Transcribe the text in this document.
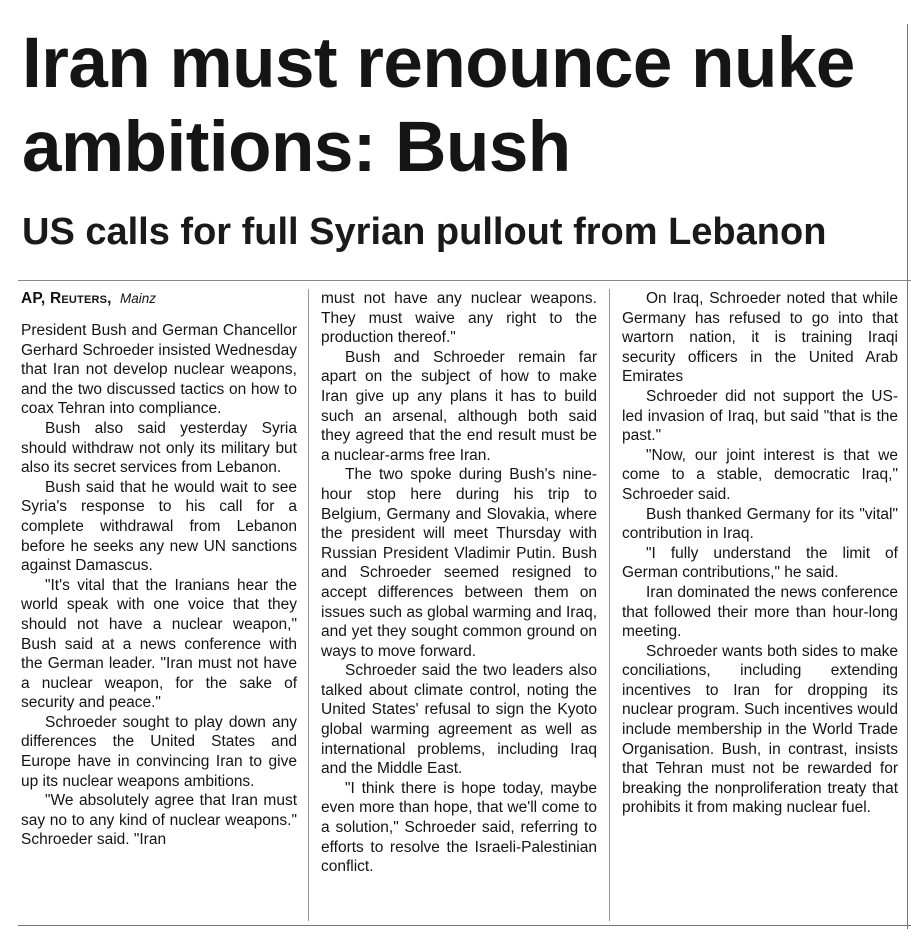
Iran must renounce nuke ambitions: Bush
US calls for full Syrian pullout from Lebanon
AP, Reuters, Mainz

President Bush and German Chancellor Gerhard Schroeder insisted Wednesday that Iran not develop nuclear weapons, and the two discussed tactics on how to coax Tehran into compliance.

Bush also said yesterday Syria should withdraw not only its military but also its secret services from Lebanon.

Bush said that he would wait to see Syria's response to his call for a complete withdrawal from Lebanon before he seeks any new UN sanctions against Damascus.

"It's vital that the Iranians hear the world speak with one voice that they should not have a nuclear weapon," Bush said at a news conference with the German leader. "Iran must not have a nuclear weapon, for the sake of security and peace."

Schroeder sought to play down any differences the United States and Europe have in convincing Iran to give up its nuclear weapons ambitions.

"We absolutely agree that Iran must say no to any kind of nuclear weapons." Schroeder said. "Iran

must not have any nuclear weapons. They must waive any right to the production thereof."

Bush and Schroeder remain far apart on the subject of how to make Iran give up any plans it has to build such an arsenal, although both said they agreed that the end result must be a nuclear-arms free Iran.

The two spoke during Bush's nine-hour stop here during his trip to Belgium, Germany and Slovakia, where the president will meet Thursday with Russian President Vladimir Putin. Bush and Schroeder seemed resigned to accept differences between them on issues such as global warming and Iraq, and yet they sought common ground on ways to move forward.

Schroeder said the two leaders also talked about climate control, noting the United States' refusal to sign the Kyoto global warming agreement as well as international problems, including Iraq and the Middle East.

"I think there is hope today, maybe even more than hope, that we'll come to a solution," Schroeder said, referring to efforts to resolve the Israeli-Palestinian conflict.

On Iraq, Schroeder noted that while Germany has refused to go into that wartorn nation, it is training Iraqi security officers in the United Arab Emirates

Schroeder did not support the US-led invasion of Iraq, but said "that is the past."

"Now, our joint interest is that we come to a stable, democratic Iraq," Schroeder said.

Bush thanked Germany for its "vital" contribution in Iraq.

"I fully understand the limit of German contributions," he said.

Iran dominated the news conference that followed their more than hour-long meeting.

Schroeder wants both sides to make conciliations, including extending incentives to Iran for dropping its nuclear program. Such incentives would include membership in the World Trade Organisation. Bush, in contrast, insists that Tehran must not be rewarded for breaking the nonproliferation treaty that prohibits it from making nuclear fuel.
